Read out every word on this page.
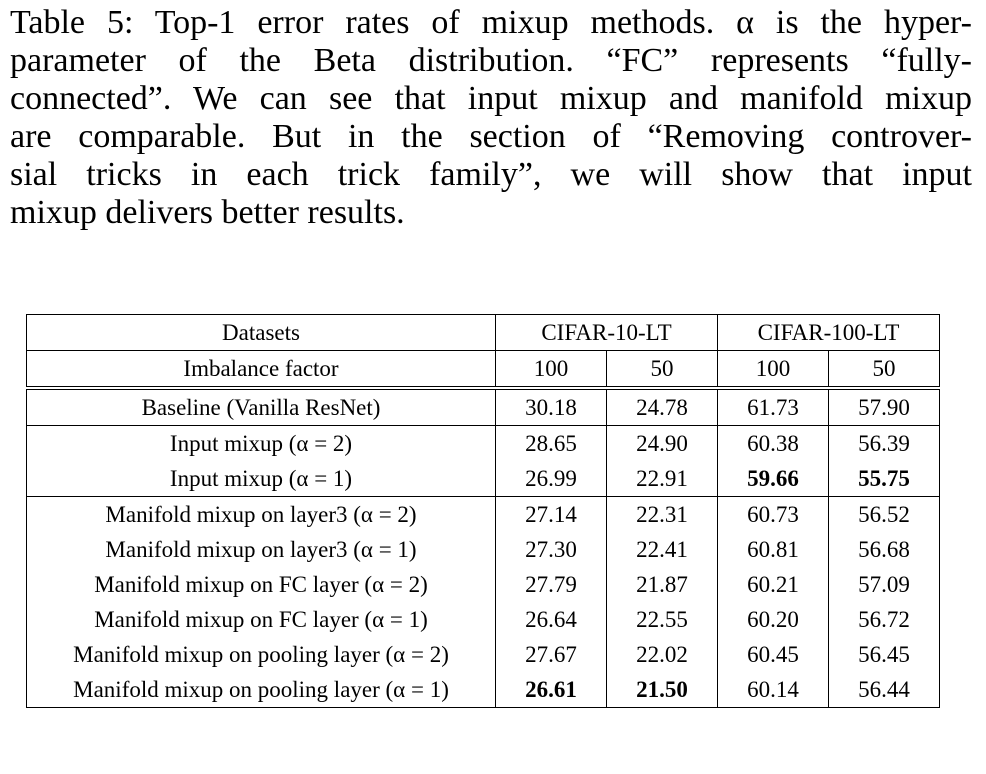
Table 5: Top-1 error rates of mixup methods. α is the hyper-
parameter of the Beta distribution. “FC” represents “fully-
connected”. We can see that input mixup and manifold mixup
are comparable. But in the section of “Removing controver-
sial tricks in each trick family”, we will show that input
mixup delivers better results.
Datasets	CIFAR-10-LT		CIFAR-100-LT	
Imbalance factor	100	50	100	50
Baseline (Vanilla ResNet)	30.18	24.78	61.73	57.90
Input mixup (α = 2)	28.65	24.90	60.38	56.39
Input mixup (α = 1)	26.99	22.91	59.66	55.75
Manifold mixup on layer3 (α = 2)	27.14	22.31	60.73	56.52
Manifold mixup on layer3 (α = 1)	27.30	22.41	60.81	56.68
Manifold mixup on FC layer (α = 2)	27.79	21.87	60.21	57.09
Manifold mixup on FC layer (α = 1)	26.64	22.55	60.20	56.72
Manifold mixup on pooling layer (α = 2)	27.67	22.02	60.45	56.45
Manifold mixup on pooling layer (α = 1)	26.61	21.50	60.14	56.44
